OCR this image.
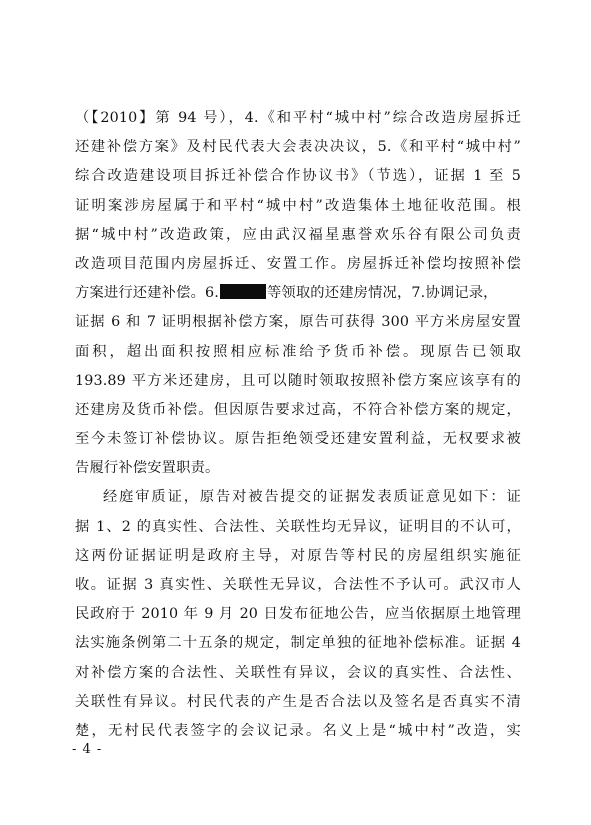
（【2010】第 94 号），4.《和平村“城中村”综合改造房屋拆迁
还建补偿方案》及村民代表大会表决决议，5.《和平村“城中村”
综合改造建设项目拆迁补偿合作协议书》（节选），证据 1 至 5
证明案涉房屋属于和平村“城中村”改造集体土地征收范围。根
据“城中村”改造政策，应由武汉福星惠誉欢乐谷有限公司负责
改造项目范围内房屋拆迁、安置工作。房屋拆迁补偿均按照补偿
方案进行还建补偿。6.	等领取的还建房情况，7.协调记录，
证据 6 和 7 证明根据补偿方案，原告可获得 300 平方米房屋安置
面积，超出面积按照相应标准给予货币补偿。现原告已领取
193.89 平方米还建房，且可以随时领取按照补偿方案应该享有的
还建房及货币补偿。但因原告要求过高，不符合补偿方案的规定，
至今未签订补偿协议。原告拒绝领受还建安置利益，无权要求被
告履行补偿安置职责。
经庭审质证，原告对被告提交的证据发表质证意见如下：证
据 1、2 的真实性、合法性、关联性均无异议，证明目的不认可，
这两份证据证明是政府主导，对原告等村民的房屋组织实施征
收。证据 3 真实性、关联性无异议，合法性不予认可。武汉市人
民政府于 2010 年 9 月 20 日发布征地公告，应当依据原土地管理
法实施条例第二十五条的规定，制定单独的征地补偿标准。证据 4
对补偿方案的合法性、关联性有异议，会议的真实性、合法性、
关联性有异议。村民代表的产生是否合法以及签名是否真实不清
楚，无村民代表签字的会议记录。名义上是“城中村”改造，实
- 4 -
